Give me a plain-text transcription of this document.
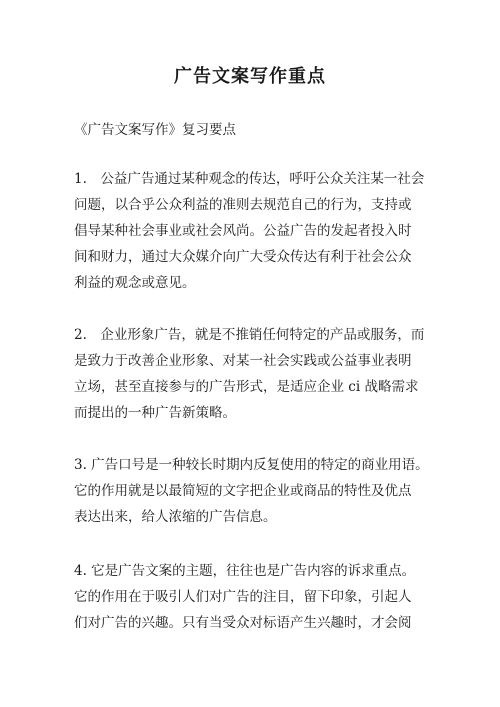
广告文案写作重点
《广告文案写作》复习要点
1.　公益广告通过某种观念的传达，呼吁公众关注某一社会
问题，以合乎公众利益的准则去规范自己的行为，支持或
倡导某种社会事业或社会风尚。公益广告的发起者投入时
间和财力，通过大众媒介向广大受众传达有利于社会公众
利益的观念或意见。
2.　企业形象广告，就是不推销任何特定的产品或服务，而
是致力于改善企业形象、对某一社会实践或公益事业表明
立场，甚至直接参与的广告形式，是适应企业 ci 战略需求
而提出的一种广告新策略。
3. 广告口号是一种较长时期内反复使用的特定的商业用语。
它的作用就是以最简短的文字把企业或商品的特性及优点
表达出来，给人浓缩的广告信息。
4. 它是广告文案的主题，往往也是广告内容的诉求重点。
它的作用在于吸引人们对广告的注目，留下印象，引起人
们对广告的兴趣。只有当受众对标语产生兴趣时，才会阅
